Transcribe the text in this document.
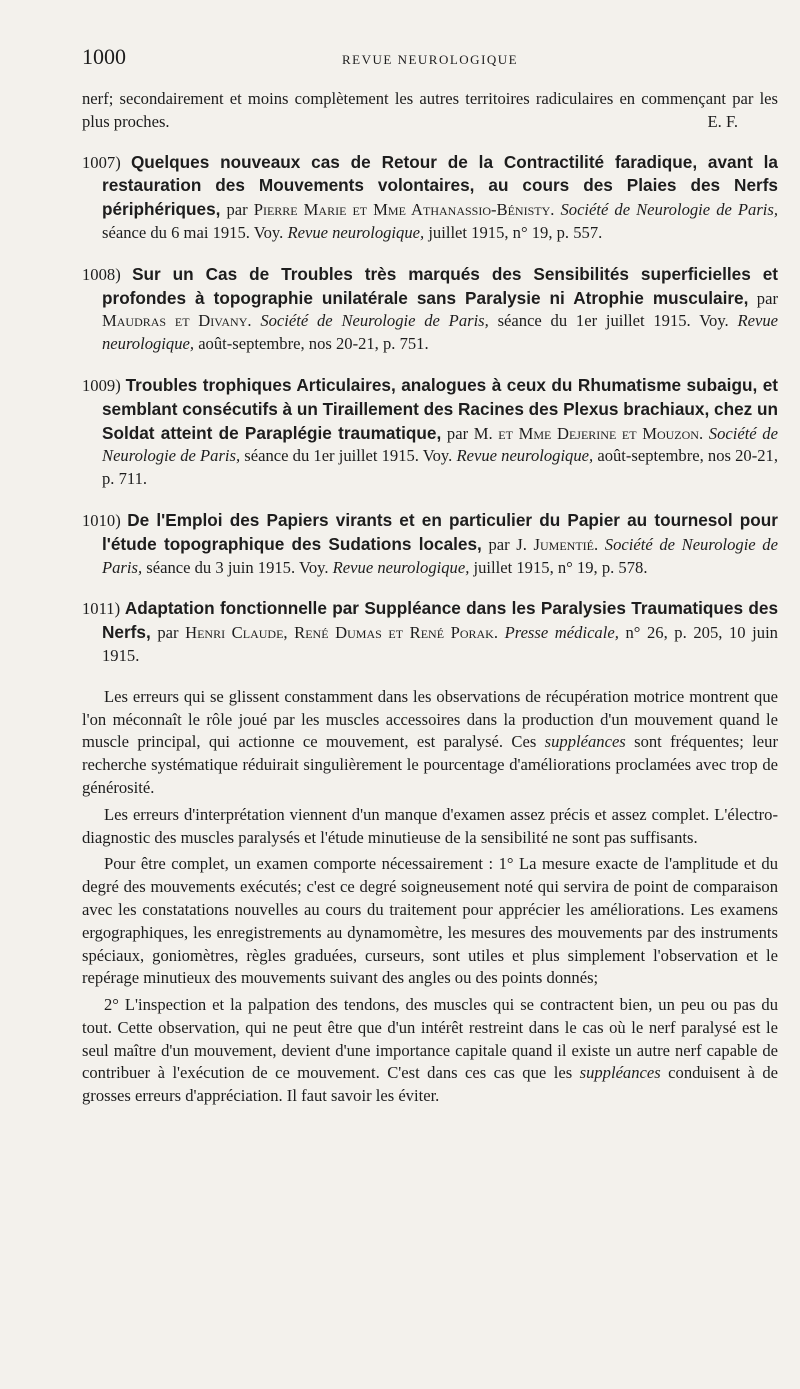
1000	REVUE NEUROLOGIQUE

nerf; secondairement et moins complètement les autres territoires radiculaires en commençant par les plus proches.	E. F.

1007) Quelques nouveaux cas de Retour de la Contractilité faradique, avant la restauration des Mouvements volontaires, au cours des Plaies des Nerfs périphériques, par Pierre Marie et Mme Athanassio-Bénisty. Société de Neurologie de Paris, séance du 6 mai 1915. Voy. Revue neurologique, juillet 1915, n° 19, p. 557.

1008) Sur un Cas de Troubles très marqués des Sensibilités superficielles et profondes à topographie unilatérale sans Paralysie ni Atrophie musculaire, par Maudras et Divany. Société de Neurologie de Paris, séance du 1er juillet 1915. Voy. Revue neurologique, août-septembre, nos 20-21, p. 751.

1009) Troubles trophiques Articulaires, analogues à ceux du Rhumatisme subaigu, et semblant consécutifs à un Tiraillement des Racines des Plexus brachiaux, chez un Soldat atteint de Paraplégie traumatique, par M. et Mme Dejerine et Mouzon. Société de Neurologie de Paris, séance du 1er juillet 1915. Voy. Revue neurologique, août-septembre, nos 20-21, p. 711.

1010) De l'Emploi des Papiers virants et en particulier du Papier au tournesol pour l'étude topographique des Sudations locales, par J. Jumentié. Société de Neurologie de Paris, séance du 3 juin 1915. Voy. Revue neurologique, juillet 1915, n° 19, p. 578.

1011) Adaptation fonctionnelle par Suppléance dans les Paralysies Traumatiques des Nerfs, par Henri Claude, René Dumas et René Porak. Presse médicale, n° 26, p. 205, 10 juin 1915.

Les erreurs qui se glissent constamment dans les observations de récupération motrice montrent que l'on méconnaît le rôle joué par les muscles accessoires dans la production d'un mouvement quand le muscle principal, qui actionne ce mouvement, est paralysé. Ces suppléances sont fréquentes; leur recherche systématique réduirait singulièrement le pourcentage d'améliorations proclamées avec trop de générosité.

Les erreurs d'interprétation viennent d'un manque d'examen assez précis et assez complet. L'électro-diagnostic des muscles paralysés et l'étude minutieuse de la sensibilité ne sont pas suffisants.

Pour être complet, un examen comporte nécessairement : 1° La mesure exacte de l'amplitude et du degré des mouvements exécutés; c'est ce degré soigneusement noté qui servira de point de comparaison avec les constatations nouvelles au cours du traitement pour apprécier les améliorations. Les examens ergographiques, les enregistrements au dynamomètre, les mesures des mouvements par des instruments spéciaux, goniomètres, règles graduées, curseurs, sont utiles et plus simplement l'observation et le repérage minutieux des mouvements suivant des angles ou des points donnés;

2° L'inspection et la palpation des tendons, des muscles qui se contractent bien, un peu ou pas du tout. Cette observation, qui ne peut être que d'un intérêt restreint dans le cas où le nerf paralysé est le seul maître d'un mouvement, devient d'une importance capitale quand il existe un autre nerf capable de contribuer à l'exécution de ce mouvement. C'est dans ces cas que les suppléances conduisent à de grosses erreurs d'appréciation. Il faut savoir les éviter.
